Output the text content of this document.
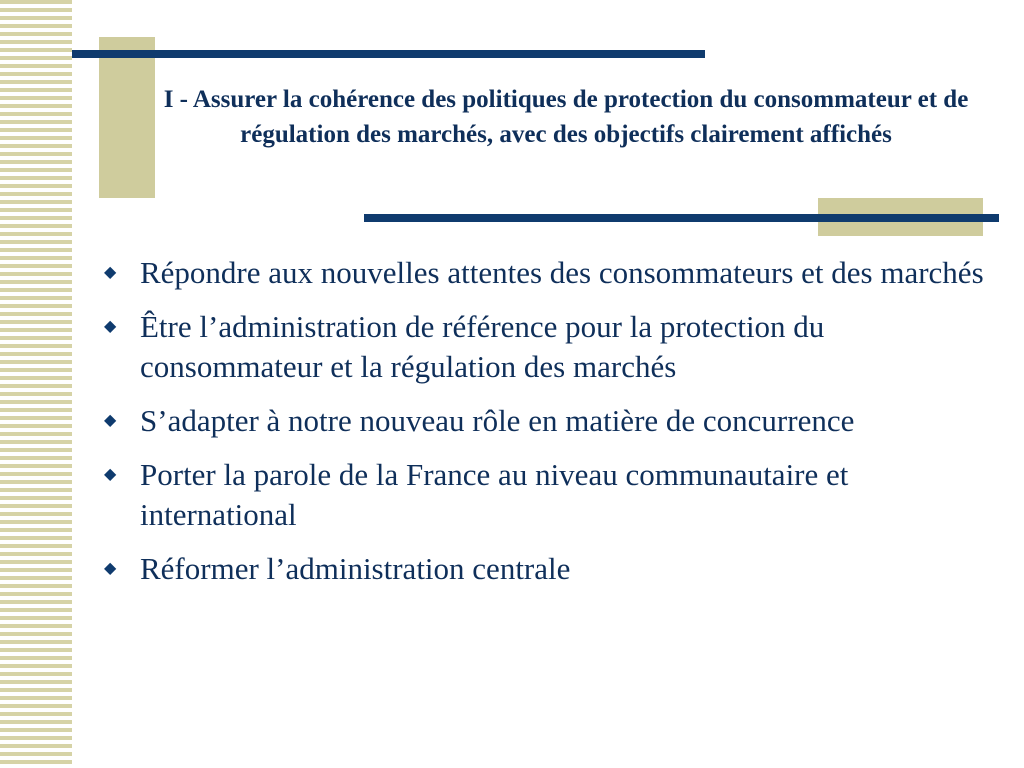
I - Assurer la cohérence des politiques de protection du consommateur et de régulation des marchés, avec des objectifs clairement affichés
◆ Répondre aux nouvelles attentes des consommateurs et des marchés
◆ Être l’administration de référence pour la protection du consommateur et la régulation des marchés
◆ S’adapter à notre nouveau rôle en matière de concurrence
◆ Porter la parole de la France au niveau communautaire et international
◆ Réformer l’administration centrale
